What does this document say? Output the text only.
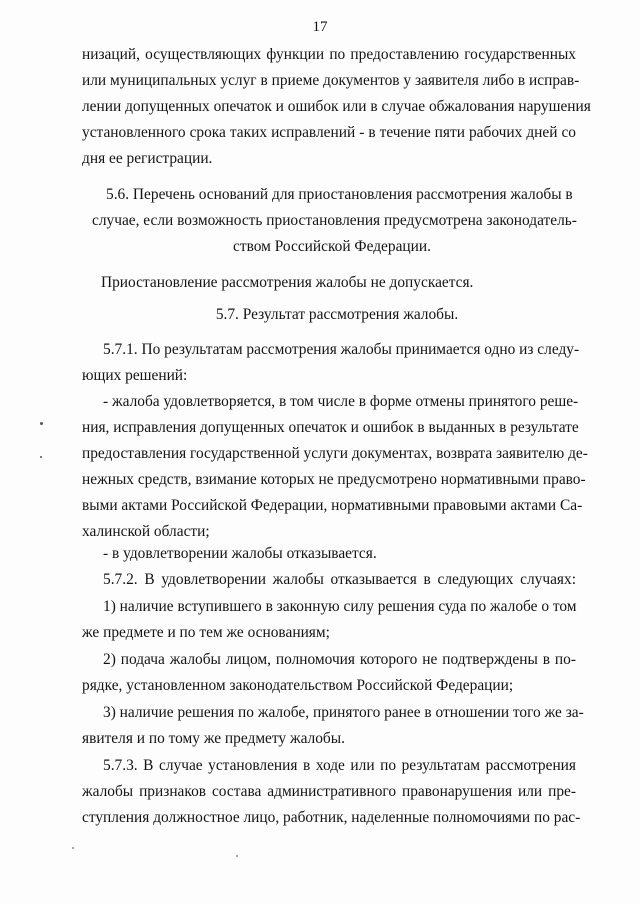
17
низаций, осуществляющих функции по предоставлению государственных
или муниципальных услуг в приеме документов у заявителя либо в исправ-
лении допущенных опечаток и ошибок или в случае обжалования нарушения
установленного срока таких исправлений - в течение пяти рабочих дней со
дня ее регистрации.
5.6. Перечень оснований для приостановления рассмотрения жалобы в
случае, если возможность приостановления предусмотрена законодатель-
ством Российской Федерации.
Приостановление рассмотрения жалобы не допускается.
5.7. Результат рассмотрения жалобы.
5.7.1. По результатам рассмотрения жалобы принимается одно из следу-
ющих решений:
- жалоба удовлетворяется, в том числе в форме отмены принятого реше-
ния, исправления допущенных опечаток и ошибок в выданных в результате
предоставления государственной услуги документах, возврата заявителю де-
нежных средств, взимание которых не предусмотрено нормативными право-
выми актами Российской Федерации, нормативными правовыми актами Са-
халинской области;
- в удовлетворении жалобы отказывается.
5.7.2. В удовлетворении жалобы отказывается в следующих случаях:
1) наличие вступившего в законную силу решения суда по жалобе о том
же предмете и по тем же основаниям;
2) подача жалобы лицом, полномочия которого не подтверждены в по-
рядке, установленном законодательством Российской Федерации;
3) наличие решения по жалобе, принятого ранее в отношении того же за-
явителя и по тому же предмету жалобы.
5.7.3. В случае установления в ходе или по результатам рассмотрения
жалобы признаков состава административного правонарушения или пре-
ступления должностное лицо, работник, наделенные полномочиями по рас-
